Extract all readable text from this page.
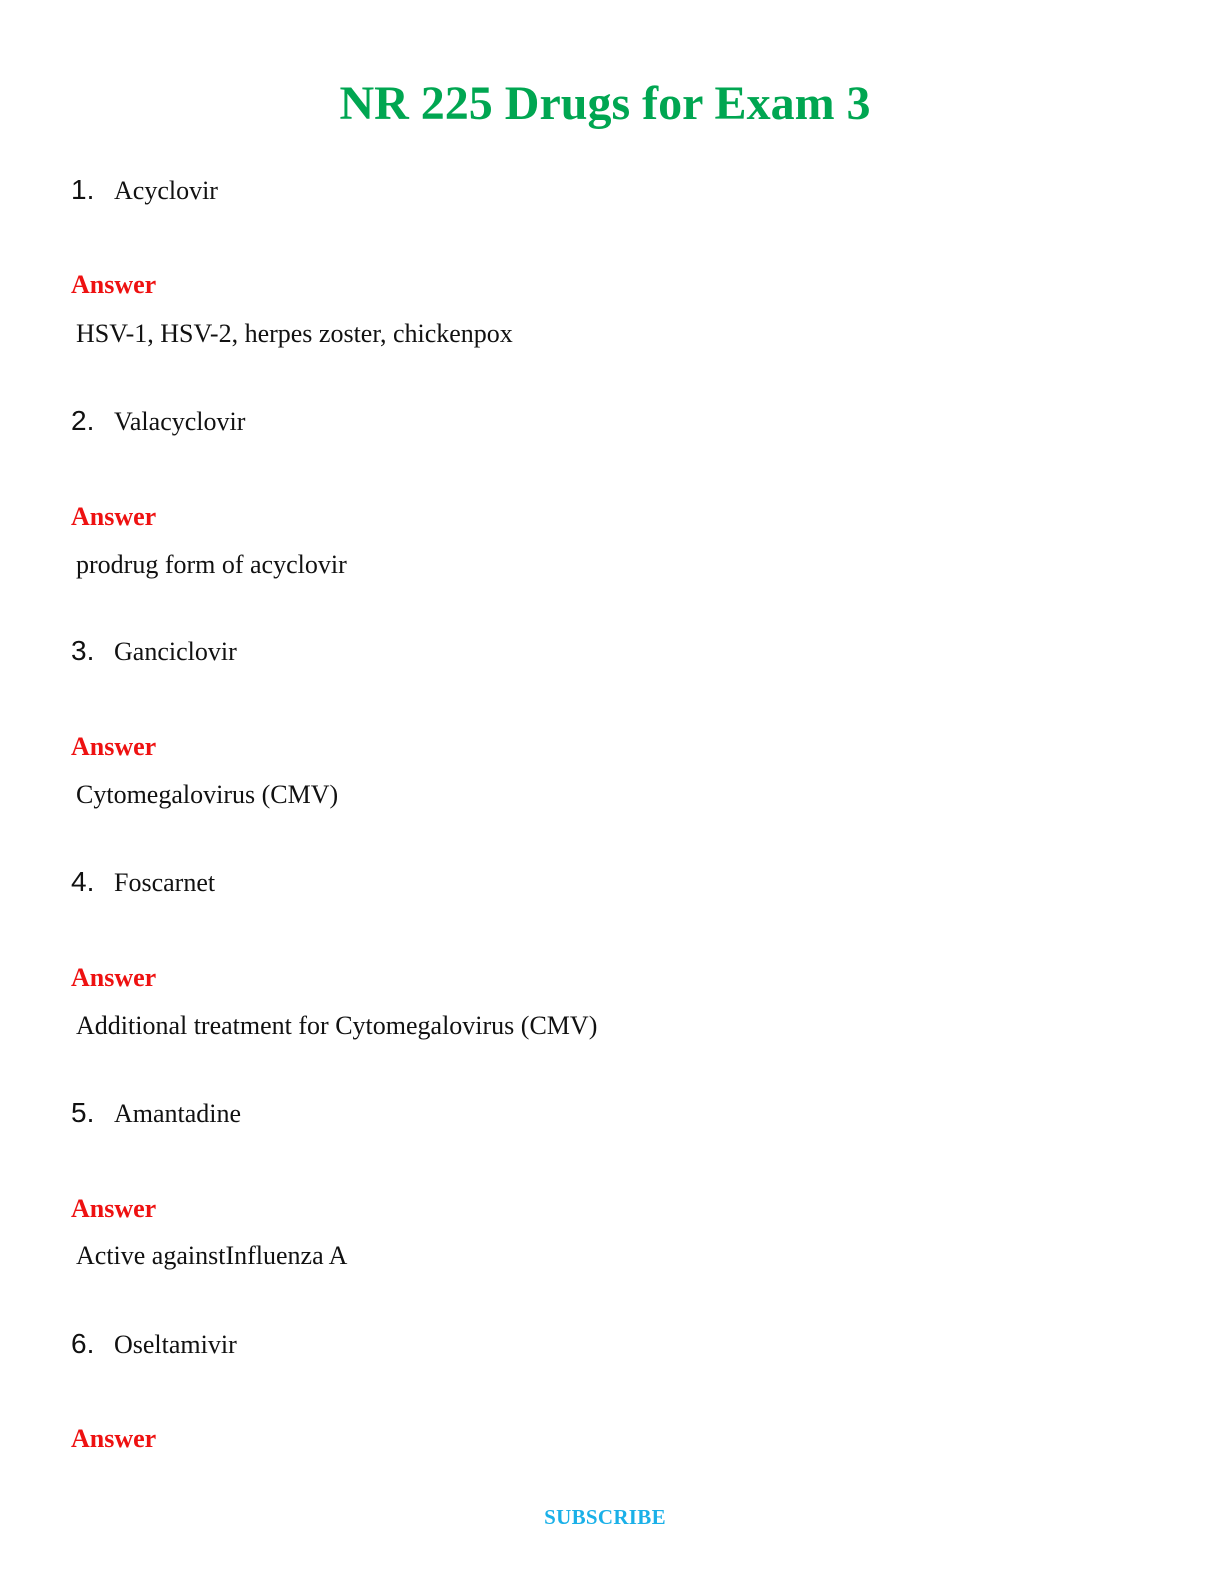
NR 225 Drugs for Exam 3
1. Acyclovir
Answer
HSV-1, HSV-2, herpes zoster, chickenpox
2. Valacyclovir
Answer
prodrug form of acyclovir
3. Ganciclovir
Answer
Cytomegalovirus (CMV)
4. Foscarnet
Answer
Additional treatment for Cytomegalovirus (CMV)
5. Amantadine
Answer
Active againstInfluenza A
6. Oseltamivir
Answer
SUBSCRIBE
